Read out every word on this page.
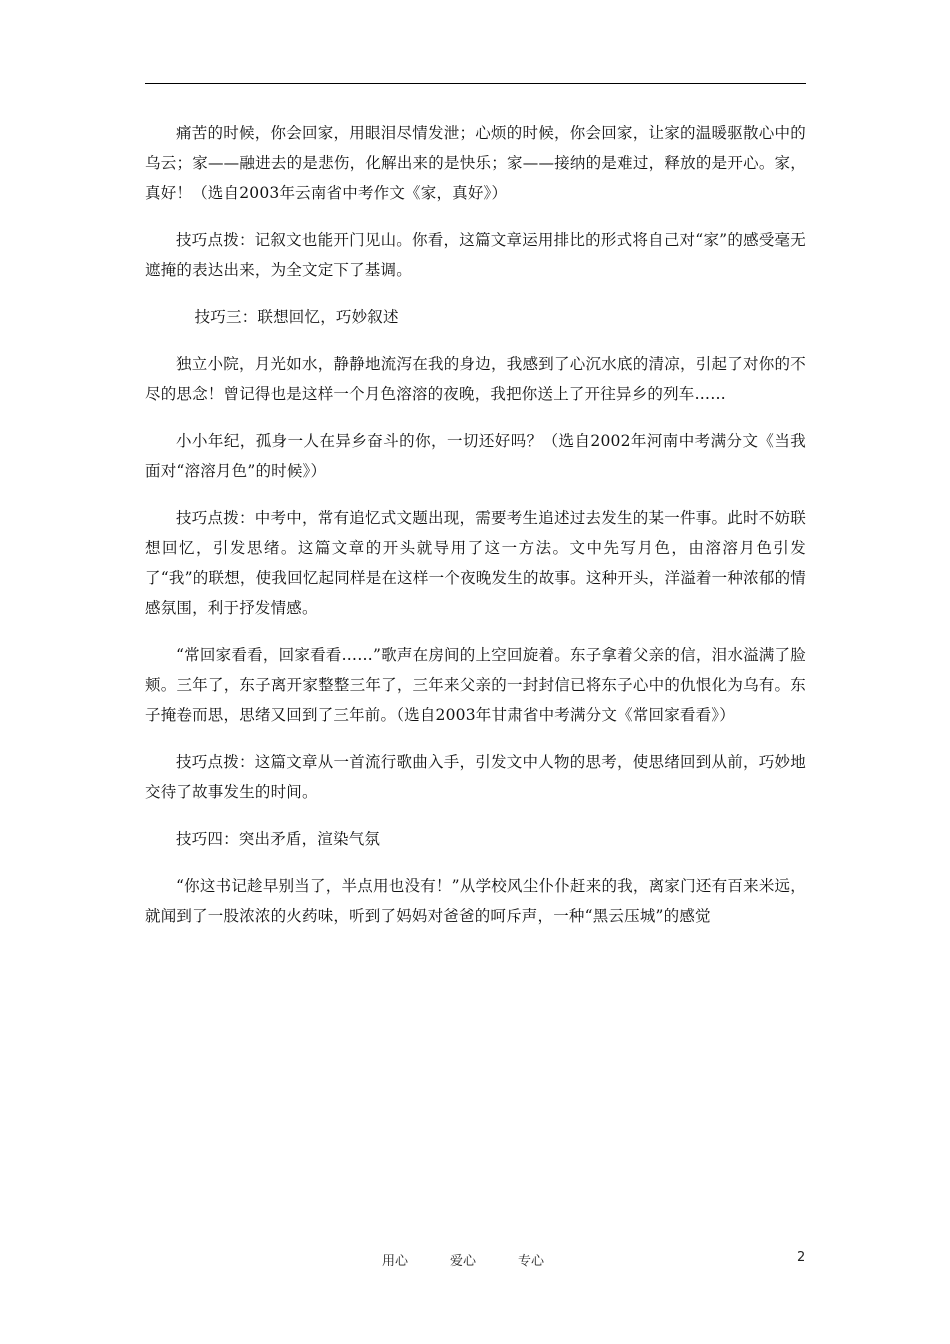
痛苦的时候，你会回家，用眼泪尽情发泄；心烦的时候，你会回家，让家的温暖驱散心中的乌云；家——融进去的是悲伤，化解出来的是快乐；家——接纳的是难过，释放的是开心。家，真好！（选自2003年云南省中考作文《家，真好》）

技巧点拨：记叙文也能开门见山。你看，这篇文章运用排比的形式将自己对“家”的感受毫无遮掩的表达出来，为全文定下了基调。

技巧三：联想回忆，巧妙叙述

独立小院，月光如水，静静地流泻在我的身边，我感到了心沉水底的清凉，引起了对你的不尽的思念！曾记得也是这样一个月色溶溶的夜晚，我把你送上了开往异乡的列车……

小小年纪，孤身一人在异乡奋斗的你，一切还好吗？（选自2002年河南中考满分文《当我面对“溶溶月色”的时候》）

技巧点拨：中考中，常有追忆式文题出现，需要考生追述过去发生的某一件事。此时不妨联想回忆，引发思绪。这篇文章的开头就导用了这一方法。文中先写月色，由溶溶月色引发了“我”的联想，使我回忆起同样是在这样一个夜晚发生的故事。这种开头，洋溢着一种浓郁的情感氛围，利于抒发情感。

“常回家看看，回家看看……”歌声在房间的上空回旋着。东子拿着父亲的信，泪水溢满了脸颊。三年了，东子离开家整整三年了，三年来父亲的一封封信已将东子心中的仇恨化为乌有。东子掩卷而思，思绪又回到了三年前。（选自2003年甘肃省中考满分文《常回家看看》）

技巧点拨：这篇文章从一首流行歌曲入手，引发文中人物的思考，使思绪回到从前，巧妙地交待了故事发生的时间。

技巧四：突出矛盾，渲染气氛

“你这书记趁早别当了，半点用也没有！”从学校风尘仆仆赶来的我，离家门还有百来米远，就闻到了一股浓浓的火药味，听到了妈妈对爸爸的呵斥声，一种“黑云压城”的感觉

用心	爱心	专心	2
